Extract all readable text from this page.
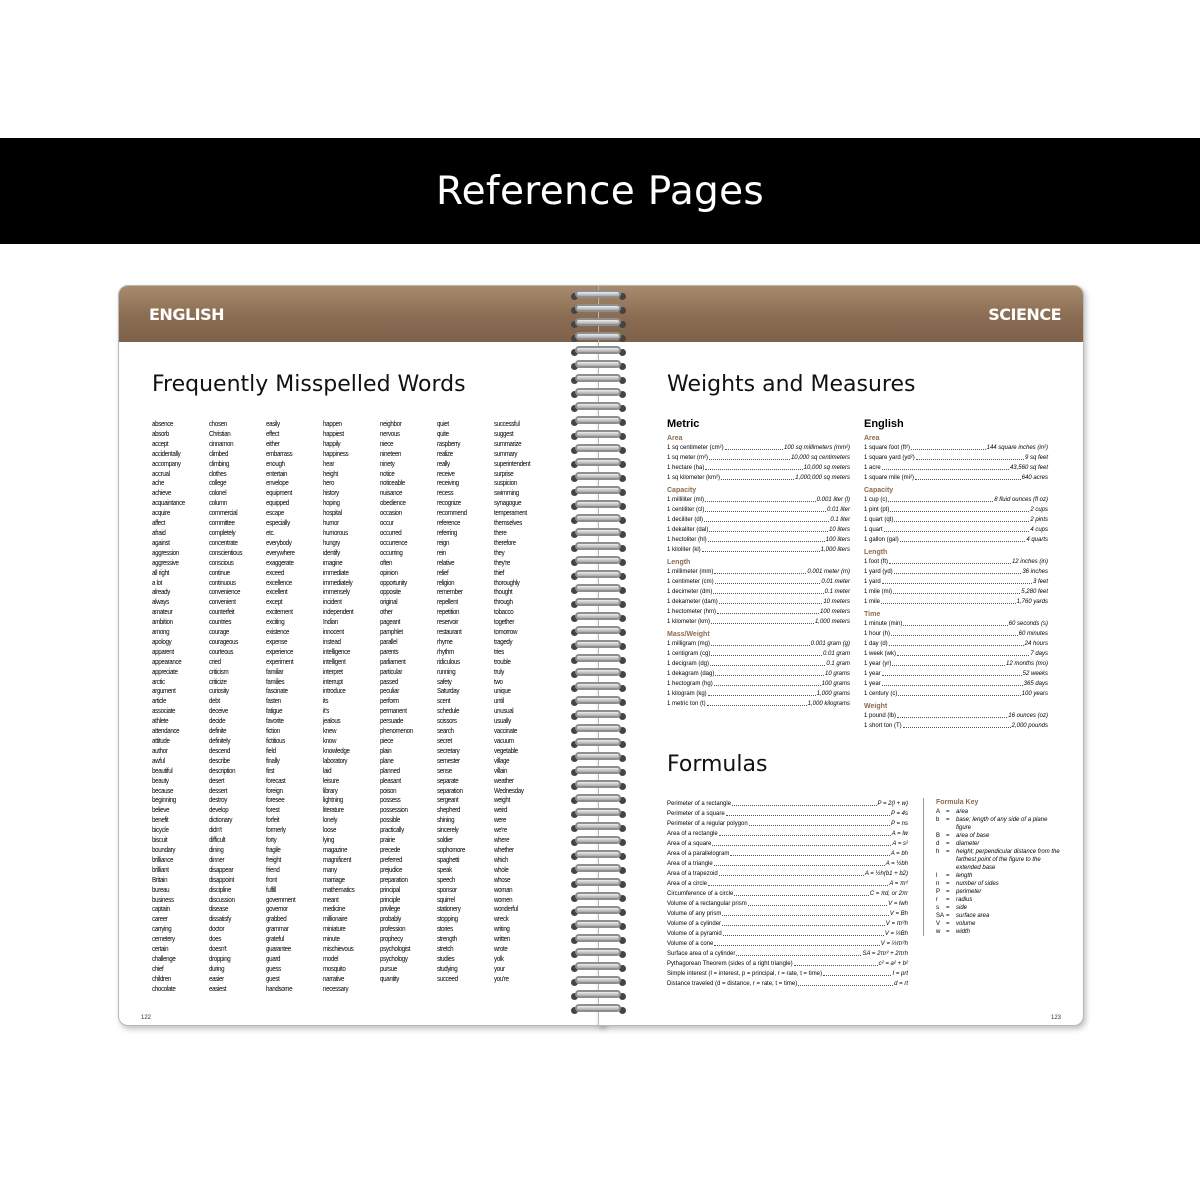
Reference Pages
ENGLISH
Frequently Misspelled Words
absence
absorb
accept
accidentally
accompany
accrual
ache
achieve
acquaintance
acquire
affect
afraid
against
aggression
aggressive
all right
a lot
already
always
amateur
ambition
among
apology
apparent
appearance
appreciate
arctic
argument
article
associate
athlete
attendance
attitude
author
awful
beautiful
beauty
because
beginning
believe
benefit
bicycle
biscuit
boundary
brilliance
brilliant
Britain
bureau
business
captain
career
carrying
cemetery
certain
challenge
chief
children
chocolate
chosen
Christian
cinnamon
climbed
climbing
clothes
college
colonel
column
commercial
committee
completely
concentrate
conscientious
conscious
continue
continuous
convenience
convenient
counterfeit
countries
courage
courageous
courteous
cried
criticism
criticize
curiosity
debt
deceive
decide
definite
definitely
descend
describe
description
desert
dessert
destroy
develop
dictionary
didn't
difficult
dining
dinner
disappear
disappoint
discipline
discussion
disease
dissatisfy
doctor
does
doesn't
dropping
during
easier
easiest
easily
effect
either
embarrass
enough
entertain
envelope
equipment
equipped
escape
especially
etc.
everybody
everywhere
exaggerate
exceed
excellence
excellent
except
excitement
exciting
existence
expense
experience
experiment
familiar
families
fascinate
fasten
fatigue
favorite
fiction
fictitious
field
finally
first
forecast
foreign
foresee
forest
forfeit
formerly
forty
fragile
freight
friend
front
fulfill
government
governor
grabbed
grammar
grateful
guarantee
guard
guess
guest
handsome
happen
happiest
happily
happiness
hear
height
hero
history
hoping
hospital
humor
humorous
hungry
identify
imagine
immediate
immediately
immensely
incident
independent
Indian
innocent
instead
intelligence
intelligent
interpret
interrupt
introduce
its
it's
jealous
knew
know
knowledge
laboratory
laid
leisure
library
lightning
literature
lonely
loose
lying
magazine
magnificent
many
marriage
mathematics
meant
medicine
millionaire
miniature
minute
mischievous
model
mosquito
narrative
necessary
neighbor
nervous
niece
nineteen
ninety
notice
noticeable
nuisance
obedience
occasion
occur
occurred
occurrence
occurring
often
opinion
opportunity
opposite
original
other
pageant
pamphlet
parallel
parents
parliament
particular
passed
peculiar
perform
permanent
persuade
phenomenon
piece
plain
plane
planned
pleasant
poison
possess
possession
possible
practically
prairie
precede
preferred
prejudice
preparation
principal
principle
privilege
probably
profession
prophecy
psychologist
psychology
pursue
quantity
quiet
quite
raspberry
realize
really
receive
receiving
recess
recognize
recommend
reference
referring
reign
rein
relative
relief
religion
remember
repellent
repetition
reservoir
restaurant
rhyme
rhythm
ridiculous
running
safety
Saturday
scent
schedule
scissors
search
secret
secretary
semester
sense
separate
separation
sergeant
shepherd
shining
sincerely
soldier
sophomore
spaghetti
speak
speech
sponsor
squirrel
stationery
stopping
stories
strength
stretch
studies
studying
succeed
successful
suggest
summarize
summary
superintendent
surprise
suspicion
swimming
synagogue
temperament
themselves
there
therefore
they
they're
thief
thoroughly
thought
through
tobacco
together
tomorrow
tragedy
tries
trouble
truly
two
unique
until
unusual
usually
vaccinate
vacuum
vegetable
village
villain
weather
Wednesday
weight
weird
were
we're
where
whether
which
whole
whose
woman
women
wonderful
wreck
writing
written
wrote
yolk
your
you're
122
SCIENCE
Weights and Measures
Metric
Area
1 sq centimeter (cm²)	100 sq millimeters (mm²)
1 sq meter (m²)	10,000 sq centimeters
1 hectare (ha)	10,000 sq meters
1 sq kilometer (km²)	1,000,000 sq meters
Capacity
1 milliliter (ml)	0.001 liter (l)
1 centiliter (cl)	0.01 liter
1 deciliter (dl)	0.1 liter
1 dekaliter (dal)	10 liters
1 hectoliter (hl)	100 liters
1 kiloliter (kl)	1,000 liters
Length
1 millimeter (mm)	0.001 meter (m)
1 centimeter (cm)	0.01 meter
1 decimeter (dm)	0.1 meter
1 dekameter (dam)	10 meters
1 hectometer (hm)	100 meters
1 kilometer (km)	1,000 meters
Mass/Weight
1 milligram (mg)	0.001 gram (g)
1 centigram (cg)	0.01 gram
1 decigram (dg)	0.1 gram
1 dekagram (dag)	10 grams
1 hectogram (hg)	100 grams
1 kilogram (kg)	1,000 grams
1 metric ton (t)	1,000 kilograms
English
Area
1 square foot (ft²)	144 square inches (in²)
1 square yard (yd²)	9 sq feet
1 acre	43,560 sq feet
1 square mile (mi²)	640 acres
Capacity
1 cup (c)	8 fluid ounces (fl oz)
1 pint (pt)	2 cups
1 quart (qt)	2 pints
1 quart	4 cups
1 gallon (gal)	4 quarts
Length
1 foot (ft)	12 inches (in)
1 yard (yd)	36 inches
1 yard	3 feet
1 mile (mi)	5,280 feet
1 mile	1,760 yards
Time
1 minute (min)	60 seconds (s)
1 hour (h)	60 minutes
1 day (d)	24 hours
1 week (wk)	7 days
1 year (yr)	12 months (mo)
1 year	52 weeks
1 year	365 days
1 century (c)	100 years
Weight
1 pound (lb)	16 ounces (oz)
1 short ton (T)	2,000 pounds
Formulas
Perimeter of a rectangle	P = 2(l + w)
Perimeter of a square	P = 4s
Perimeter of a regular polygon	P = ns
Area of a rectangle	A = lw
Area of a square	A = s²
Area of a parallelogram	A = bh
Area of a triangle	A = ½bh
Area of a trapezoid	A = ½h(b1 + b2)
Area of a circle	A = πr²
Circumference of a circle	C = πd, or 2πr
Volume of a rectangular prism	V = lwh
Volume of any prism	V = Bh
Volume of a cylinder	V = πr²h
Volume of a pyramid	V = ⅓Bh
Volume of a cone	V = ⅓πr²h
Surface area of a cylinder	SA = 2πr² + 2πrh
Pythagorean Theorem (sides of a right triangle)	c² = a² + b²
Simple interest (I = interest, p = principal, r = rate, t = time)	I = prt
Distance traveled (d = distance, r = rate, t = time)	d = rt
Formula Key
A =	area
b	=	base; length of any side of a plane figure
B =	area of base
d	=	diameter
h	=	height; perpendicular distance from the farthest point of the figure to the extended base
l	=	length
n	=	number of sides
P =	perimeter
r	=	radius
s	=	side
SA =	surface area
V =	volume
w =	width
123
